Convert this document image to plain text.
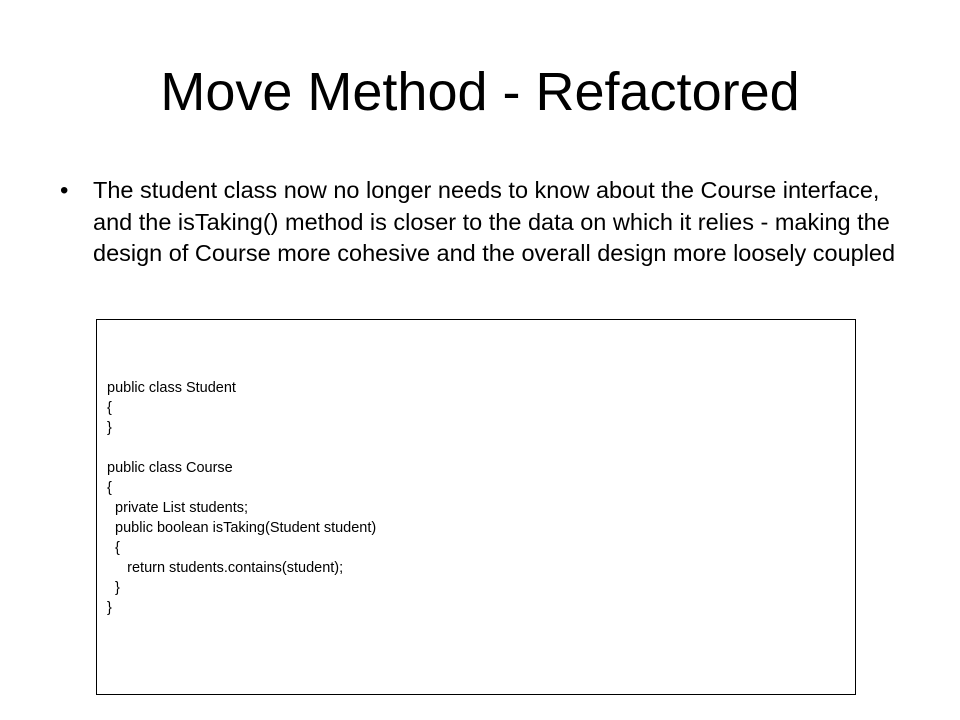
Move Method - Refactored
• The student class now no longer needs to know about the Course interface, and the isTaking() method is closer to the data on which it relies - making the design of Course more cohesive and the overall design more loosely coupled
public class Student
{
}
public class Course
{
private List students;
public boolean isTaking(Student student)
{
return students.contains(student);
}
}
